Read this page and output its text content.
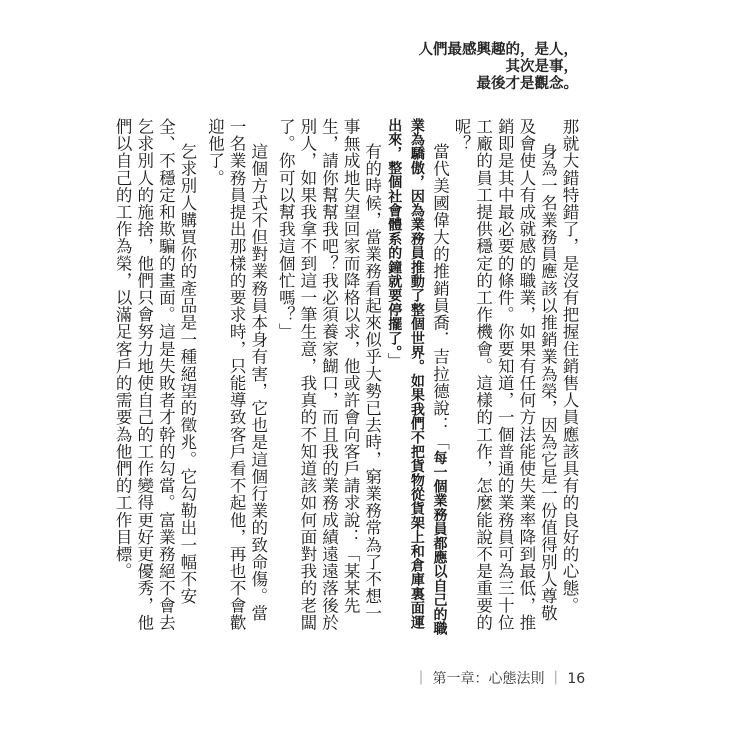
人們最感興趣的，是人，
其次是事，
最後才是觀念。

那就大錯特錯了，是沒有把握住銷售人員應該具有的良好的心態。

身為一名業務員應該以推銷業為榮，因為它是一份值得別人尊敬及會使人有成就感的職業，如果有任何方法能使失業率降到最低，推銷即是其中最必要的條件。你要知道，一個普通的業務員可為三十位工廠的員工提供穩定的工作機會。這樣的工作，怎麼能說不是重要的呢？

當代美國偉大的推銷員喬．吉拉德說：「每一個業務員都應以自己的職業為驕傲，因為業務員推動了整個世界。如果我們不把貨物從貨架上和倉庫裏面運出來，整個社會體系的鐘就要停擺了。」

有的時候，當業務看起來似乎大勢已去時，窮業務常為了不想一事無成地失望回家而降格以求，他或許會向客戶請求說：「某某先生，請你幫幫我吧？我必須養家餬口，而且我的業務成績遠遠落後於別人，如果我拿不到這一筆生意，我真的不知道該如何面對我的老闆了。你可以幫我這個忙嗎？」

這個方式不但對業務員本身有害，它也是這個行業的致命傷。當一名業務員提出那樣的要求時，只能導致客戶看不起他，再也不會歡迎他了。

乞求別人購買你的產品是一種絕望的徵兆。它勾勒出一幅不安全、不穩定和欺騙的畫面。這是失敗者才幹的勾當。富業務絕不會去乞求別人的施捨，他們只會努力地使自己的工作變得更好更優秀，他們以自己的工作為榮，以滿足客戶的需要為他們的工作目標。

｜ 第一章：心態法則 ｜ 16
